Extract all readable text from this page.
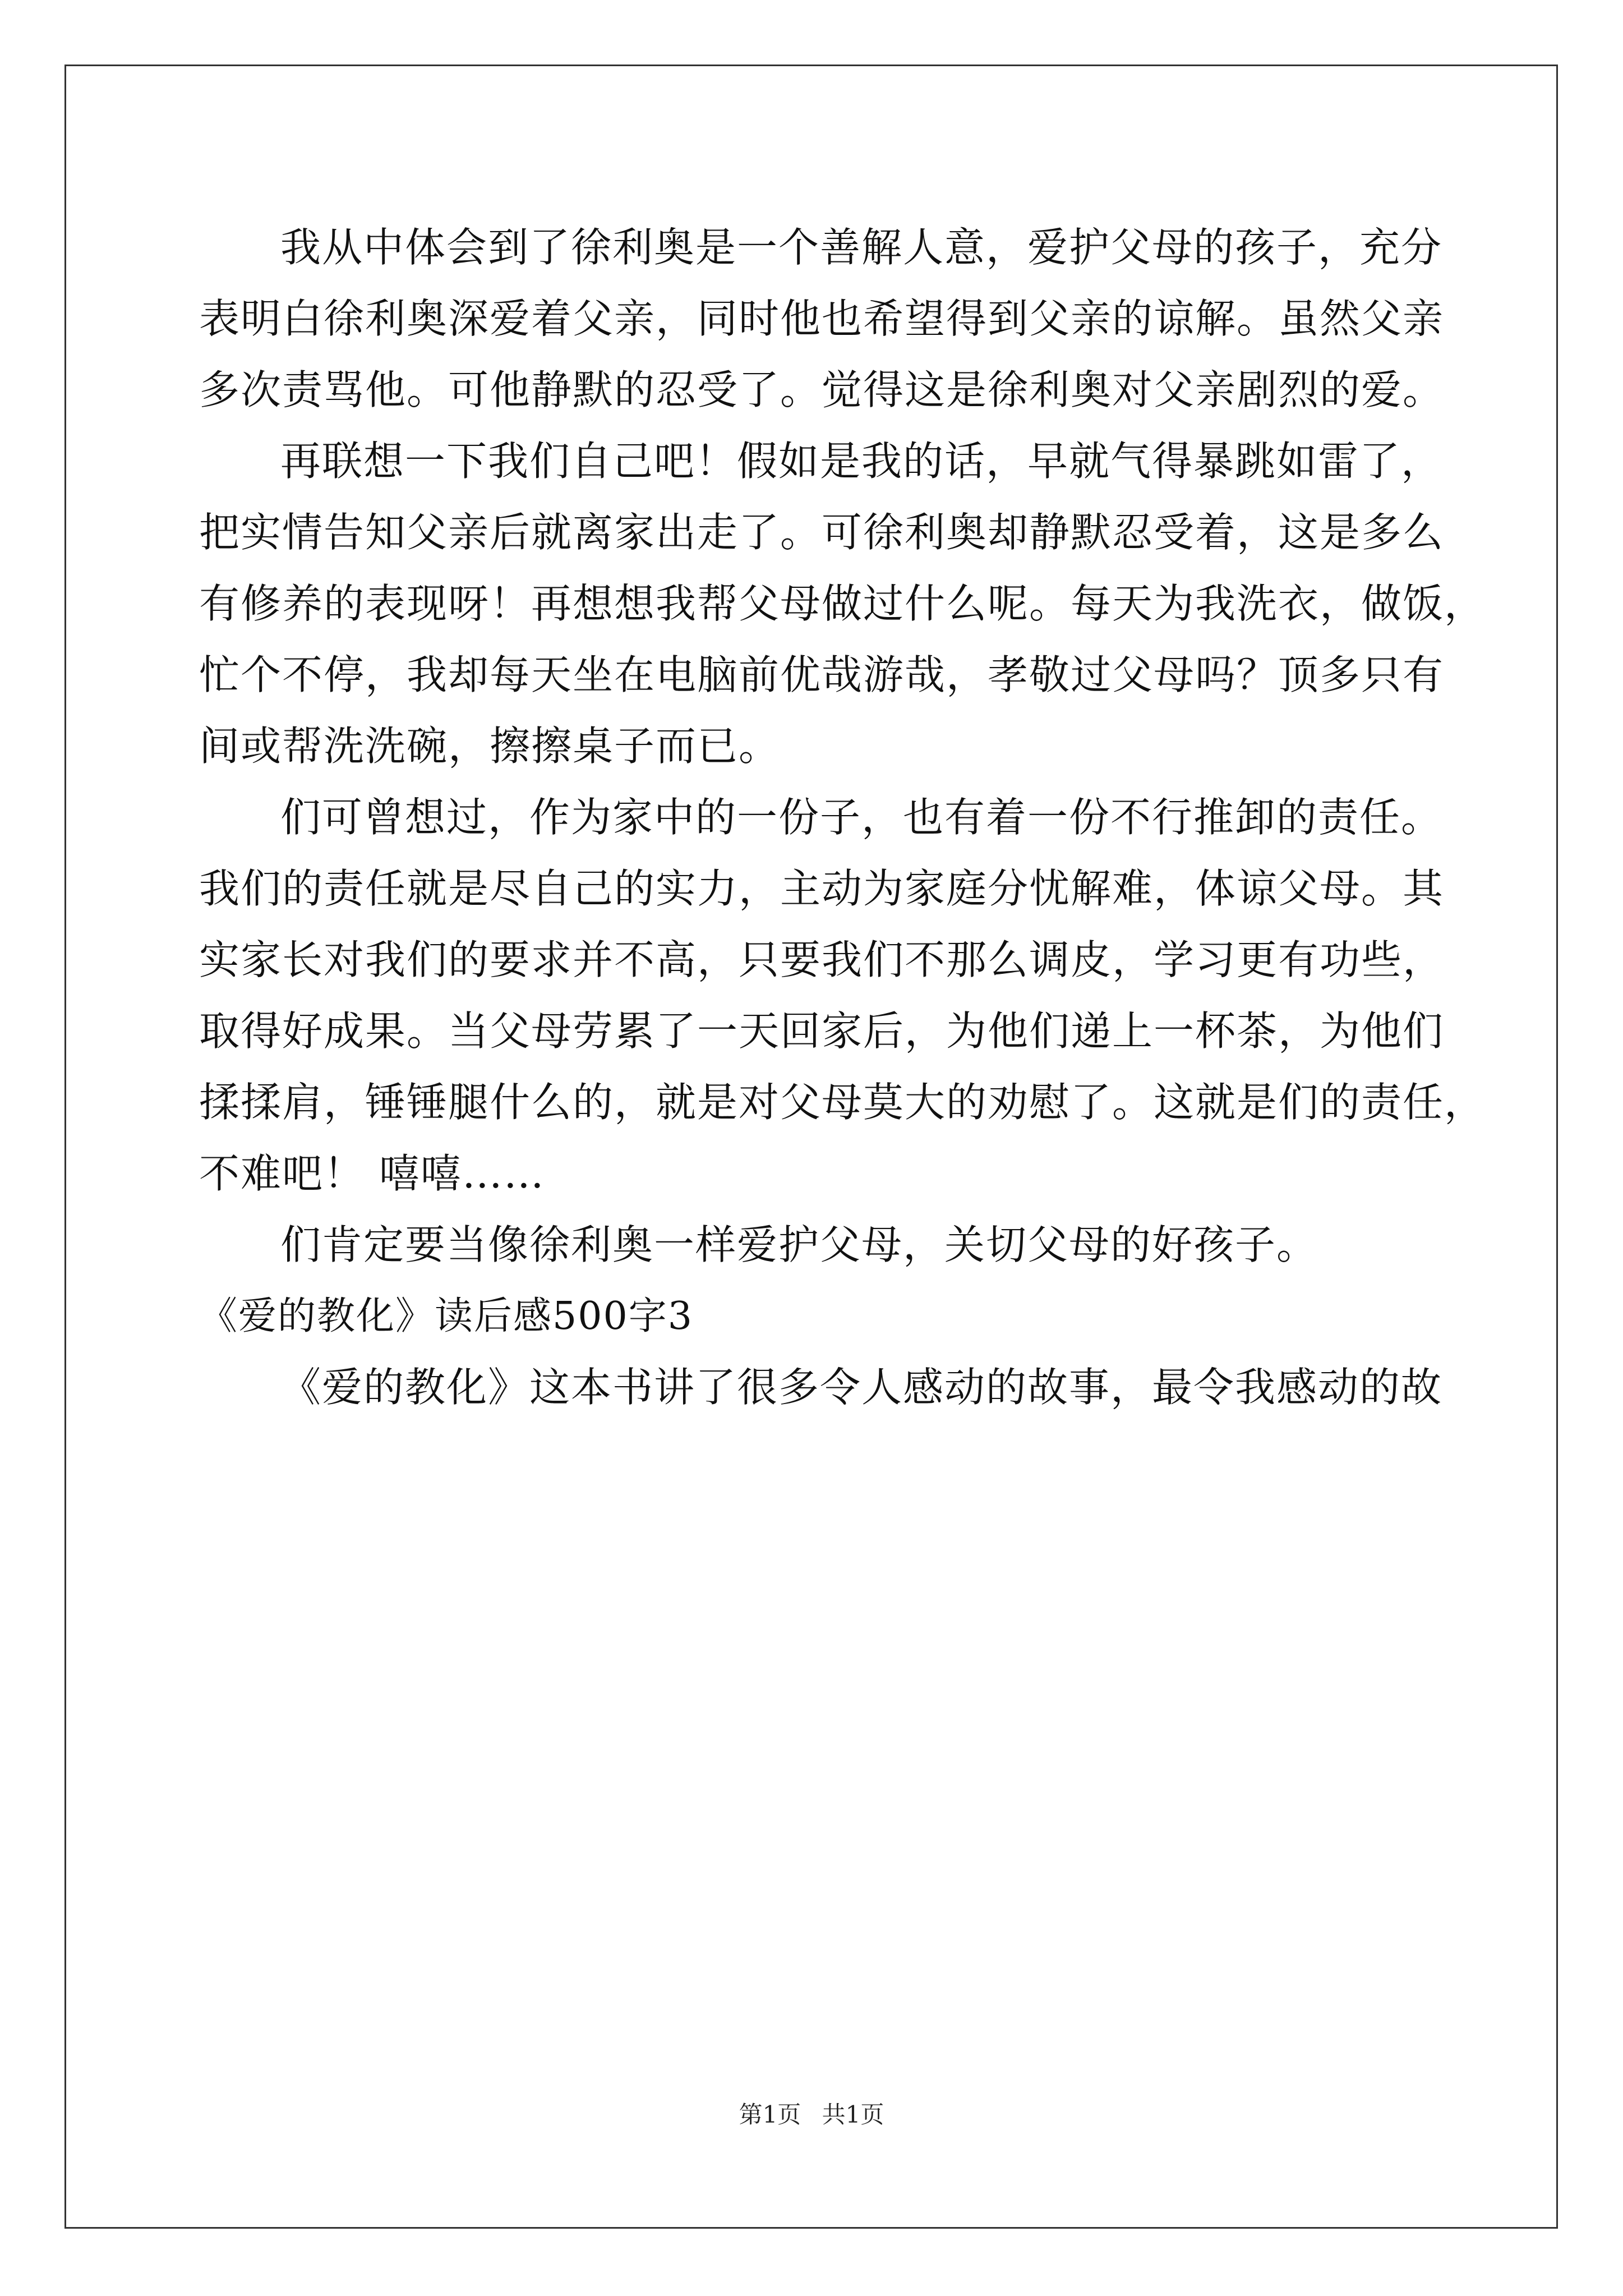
我从中体会到了徐利奥是一个善解人意，爱护父母的孩子，充分
表明白徐利奥深爱着父亲，同时他也希望得到父亲的谅解。虽然父亲
多次责骂他。可他静默的忍受了。觉得这是徐利奥对父亲剧烈的爱。
再联想一下我们自己吧！假如是我的话，早就气得暴跳如雷了，
把实情告知父亲后就离家出走了。可徐利奥却静默忍受着，这是多么
有修养的表现呀！再想想我帮父母做过什么呢。每天为我洗衣，做饭，
忙个不停，我却每天坐在电脑前优哉游哉，孝敬过父母吗？顶多只有
间或帮洗洗碗，擦擦桌子而已。
们可曾想过，作为家中的一份子，也有着一份不行推卸的责任。
我们的责任就是尽自己的实力，主动为家庭分忧解难，体谅父母。其
实家长对我们的要求并不高，只要我们不那么调皮，学习更有功些，
取得好成果。当父母劳累了一天回家后，为他们递上一杯茶，为他们
揉揉肩，锤锤腿什么的，就是对父母莫大的劝慰了。这就是们的责任，
不难吧！ 嘻嘻……
们肯定要当像徐利奥一样爱护父母，关切父母的好孩子。
《爱的教化》读后感500字3
《爱的教化》这本书讲了很多令人感动的故事，最令我感动的故
第1页 共1页
